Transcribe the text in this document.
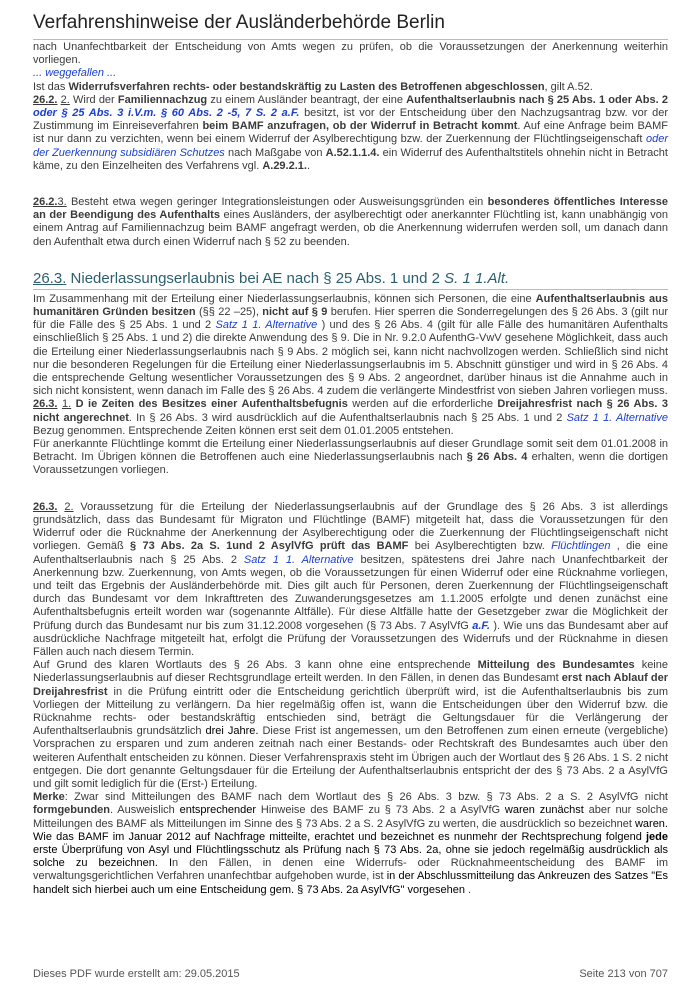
Verfahrenshinweise der Ausländerbehörde Berlin

nach Unanfechtbarkeit der Entscheidung von Amts wegen zu prüfen, ob die Voraussetzungen der Anerkennung weiterhin vorliegen.

... weggefallen ...

Ist das Widerrufsverfahren rechts- oder bestandskräftig zu Lasten des Betroffenen abgeschlossen, gilt A.52.

26.2. 2. Wird der Familiennachzug zu einem Ausländer beantragt, der eine Aufenthaltserlaubnis nach § 25 Abs. 1 oder Abs. 2 oder § 25 Abs. 3 i.V.m. § 60 Abs. 2 -5, 7 S. 2 a.F. besitzt, ist vor der Entscheidung über den Nachzugsantrag bzw. vor der Zustimmung im Einreiseverfahren beim BAMF anzufragen, ob der Widerruf in Betracht kommt. Auf eine Anfrage beim BAMF ist nur dann zu verzichten, wenn bei einem Widerruf der Asylberechtigung bzw. der Zuerkennung der Flüchtlingseigenschaft oder der Zuerkennung subsidiären Schutzes nach Maßgabe von A.52.1.1.4. ein Widerruf des Aufenthaltstitels ohnehin nicht in Betracht käme, zu den Einzelheiten des Verfahrens vgl. A.29.2.1..

26.2.3. Besteht etwa wegen geringer Integrationsleistungen oder Ausweisungsgründen ein besonderes öffentliches Interesse an der Beendigung des Aufenthalts eines Ausländers, der asylberechtigt oder anerkannter Flüchtling ist, kann unabhängig von einem Antrag auf Familiennachzug beim BAMF angefragt werden, ob die Anerkennung widerrufen werden soll, um danach dann den Aufenthalt etwa durch einen Widerruf nach § 52 zu beenden.

26.3. Niederlassungserlaubnis bei AE nach § 25 Abs. 1 und 2 S. 1 1.Alt.

Im Zusammenhang mit der Erteilung einer Niederlassungserlaubnis, können sich Personen, die eine Aufenthaltserlaubnis aus humanitären Gründen besitzen (§§ 22 –25), nicht auf § 9 berufen. Hier sperren die Sonderregelungen des § 26 Abs. 3 (gilt nur für die Fälle des § 25 Abs. 1 und 2 Satz 1 1. Alternative ) und des § 26 Abs. 4 (gilt für alle Fälle des humanitären Aufenthalts einschließlich § 25 Abs. 1 und 2) die direkte Anwendung des § 9. Die in Nr. 9.2.0 AufenthG-VwV gesehene Möglichkeit, dass auch die Erteilung einer Niederlassungserlaubnis nach § 9 Abs. 2 möglich sei, kann nicht nachvollzogen werden. Schließlich sind nicht nur die besonderen Regelungen für die Erteilung einer Niederlassungserlaubnis im 5. Abschnitt günstiger und wird in § 26 Abs. 4 die entsprechende Geltung wesentlicher Voraussetzungen des § 9 Abs. 2 angeordnet, darüber hinaus ist die Annahme auch in sich nicht konsistent, wenn danach im Falle des § 26 Abs. 4 zudem die verlängerte Mindestfrist von sieben Jahren vorliegen muss.

26.3. 1. D ie Zeiten des Besitzes einer Aufenthaltsbefugnis werden auf die erforderliche Dreijahresfrist nach § 26 Abs. 3 nicht angerechnet. In § 26 Abs. 3 wird ausdrücklich auf die Aufenthaltserlaubnis nach § 25 Abs. 1 und 2 Satz 1 1. Alternative Bezug genommen. Entsprechende Zeiten können erst seit dem 01.01.2005 entstehen.

Für anerkannte Flüchtlinge kommt die Erteilung einer Niederlassungserlaubnis auf dieser Grundlage somit seit dem 01.01.2008 in Betracht. Im Übrigen können die Betroffenen auch eine Niederlassungserlaubnis nach § 26 Abs. 4 erhalten, wenn die dortigen Voraussetzungen vorliegen.

26.3. 2. Voraussetzung für die Erteilung der Niederlassungserlaubnis auf der Grundlage des § 26 Abs. 3 ist allerdings grundsätzlich, dass das Bundesamt für Migraton und Flüchtlinge (BAMF) mitgeteilt hat, dass die Voraussetzungen für den Widerruf oder die Rücknahme der Anerkennung der Asylberechtigung oder die Zuerkennung der Flüchtlingseigenschaft nicht vorliegen. Gemäß § 73 Abs. 2a S. 1und 2 AsylVfG prüft das BAMF bei Asylberechtigten bzw. Flüchtlingen , die eine Aufenthaltserlaubnis nach § 25 Abs. 2 Satz 1 1. Alternative besitzen, spätestens drei Jahre nach Unanfechtbarkeit der Anerkennung bzw. Zuerkennung, von Amts wegen, ob die Voraussetzungen für einen Widerruf oder eine Rücknahme vorliegen, und teilt das Ergebnis der Ausländerbehörde mit. Dies gilt auch für Personen, deren Zuerkennung der Flüchtlingseigenschaft durch das Bundesamt vor dem Inkrafttreten des Zuwanderungsgesetzes am 1.1.2005 erfolgte und denen zunächst eine Aufenthaltsbefugnis erteilt worden war (sogenannte Altfälle). Für diese Altfälle hatte der Gesetzgeber zwar die Möglichkeit der Prüfung durch das Bundesamt nur bis zum 31.12.2008 vorgesehen (§ 73 Abs. 7 AsylVfG a.F. ). Wie uns das Bundesamt aber auf ausdrückliche Nachfrage mitgeteilt hat, erfolgt die Prüfung der Voraussetzungen des Widerrufs und der Rücknahme in diesen Fällen auch nach diesem Termin.

Auf Grund des klaren Wortlauts des § 26 Abs. 3 kann ohne eine entsprechende Mitteilung des Bundesamtes keine Niederlassungserlaubnis auf dieser Rechtsgrundlage erteilt werden. In den Fällen, in denen das Bundesamt erst nach Ablauf der Dreijahresfrist in die Prüfung eintritt oder die Entscheidung gerichtlich überprüft wird, ist die Aufenthaltserlaubnis bis zum Vorliegen der Mitteilung zu verlängern. Da hier regelmäßig offen ist, wann die Entscheidungen über den Widerruf bzw. die Rücknahme rechts- oder bestandskräftig entschieden sind, beträgt die Geltungsdauer für die Verlängerung der Aufenthaltserlaubnis grundsätzlich drei Jahre. Diese Frist ist angemessen, um den Betroffenen zum einen erneute (vergebliche) Vorsprachen zu ersparen und zum anderen zeitnah nach einer Bestands- oder Rechtskraft des Bundesamtes auch über den weiteren Aufenthalt entscheiden zu können. Dieser Verfahrenspraxis steht im Übrigen auch der Wortlaut des § 26 Abs. 1 S. 2 nicht entgegen. Die dort genannte Geltungsdauer für die Erteilung der Aufenthaltserlaubnis entspricht der des § 73 Abs. 2 a AsylVfG und gilt somit lediglich für die (Erst-) Erteilung.

Merke: Zwar sind Mitteilungen des BAMF nach dem Wortlaut des § 26 Abs. 3 bzw. § 73 Abs. 2 a S. 2 AsylVfG nicht formgebunden. Ausweislich entsprechender Hinweise des BAMF zu § 73 Abs. 2 a AsylVfG waren zunächst aber nur solche Mitteilungen des BAMF als Mitteilungen im Sinne des § 73 Abs. 2 a S. 2 AsylVfG zu werten, die ausdrücklich so bezeichnet waren. Wie das BAMF im Januar 2012 auf Nachfrage mitteilte, erachtet und bezeichnet es nunmehr der Rechtsprechung folgend jede erste Überprüfung von Asyl und Flüchtlingsschutz als Prüfung nach § 73 Abs. 2a, ohne sie jedoch regelmäßig ausdrücklich als solche zu bezeichnen. In den Fällen, in denen eine Widerrufs- oder Rücknahmeentscheidung des BAMF im verwaltungsgerichtlichen Verfahren unanfechtbar aufgehoben wurde, ist in der Abschlussmitteilung das Ankreuzen des Satzes "Es handelt sich hierbei auch um eine Entscheidung gem. § 73 Abs. 2a AsylVfG" vorgesehen .

Dieses PDF wurde erstellt am: 29.05.2015	Seite 213 von 707
